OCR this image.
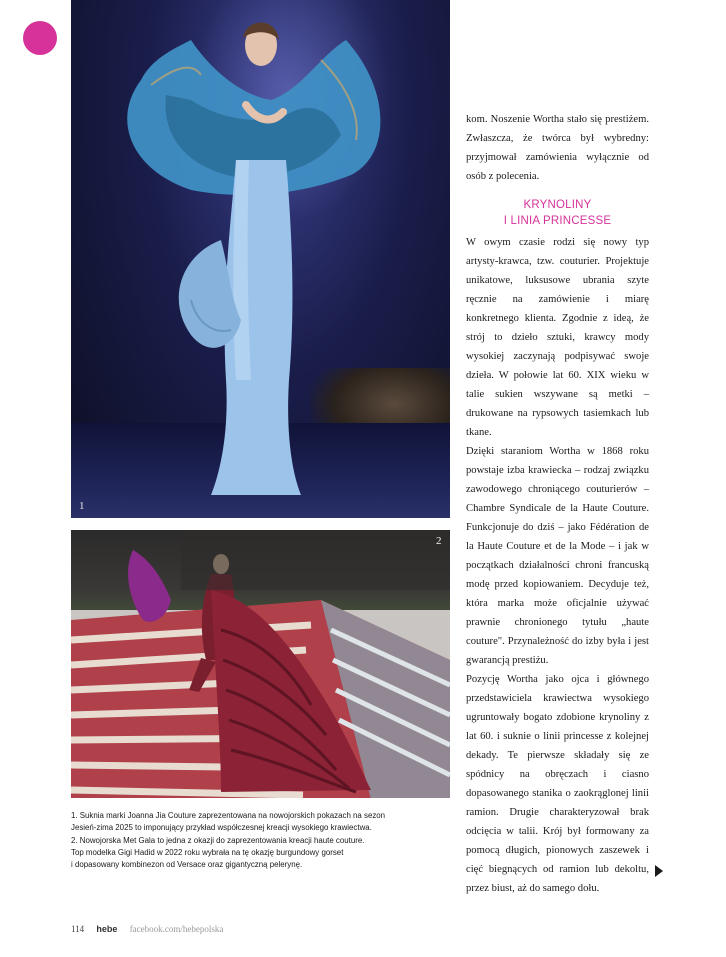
1
2
kom. Noszenie Wortha stało się prestiżem. Zwłaszcza, że twórca był wybredny: przyjmował zamówienia wyłącznie od osób z polecenia.
KRYNOLINY
I LINIA PRINCESSE

W owym czasie rodzi się nowy typ artysty-krawca, tzw. couturier. Projektuje unikatowe, luksusowe ubrania szyte ręcznie na zamówienie i miarę konkretnego klienta. Zgodnie z ideą, że strój to dzieło sztuki, krawcy mody wysokiej zaczynają podpisywać swoje dzieła. W połowie lat 60. XIX wieku w talie sukien wszywane są metki – drukowane na rypsowych tasiemkach lub tkane.

Dzięki staraniom Wortha w 1868 roku powstaje izba krawiecka – rodzaj związku zawodowego chroniącego couturierów – Chambre Syndicale de la Haute Couture. Funkcjonuje do dziś – jako Fédération de la Haute Couture et de la Mode – i jak w początkach działalności chroni francuską modę przed kopiowaniem. Decyduje też, która marka może oficjalnie używać prawnie chronionego tytułu „haute couture". Przynależność do izby była i jest gwarancją prestiżu.

Pozycję Wortha jako ojca i głównego przedstawiciela krawiectwa wysokiego ugruntowały bogato zdobione krynoliny z lat 60. i suknie o linii princesse z kolejnej dekady. Te pierwsze składały się ze spódnicy na obręczach i ciasno dopasowanego stanika o zaokrąglonej linii ramion. Drugie charakteryzował brak odcięcia w talii. Krój był formowany za pomocą długich, pionowych zaszewek i cięć biegnących od ramion lub dekoltu, przez biust, aż do samego dołu.

1. Suknia marki Joanna Jia Couture zaprezentowana na nowojorskich pokazach na sezon
Jesień-zima 2025 to imponujący przykład współczesnej kreacji wysokiego krawiectwa.
2. Nowojorska Met Gala to jedna z okazji do zaprezentowania kreacji haute couture.
Top modelka Gigi Hadid w 2022 roku wybrała na tę okazję burgundowy gorset
i dopasowany kombinezon od Versace oraz gigantyczną pelerynę.
114 hebe facebook.com/hebepolska
